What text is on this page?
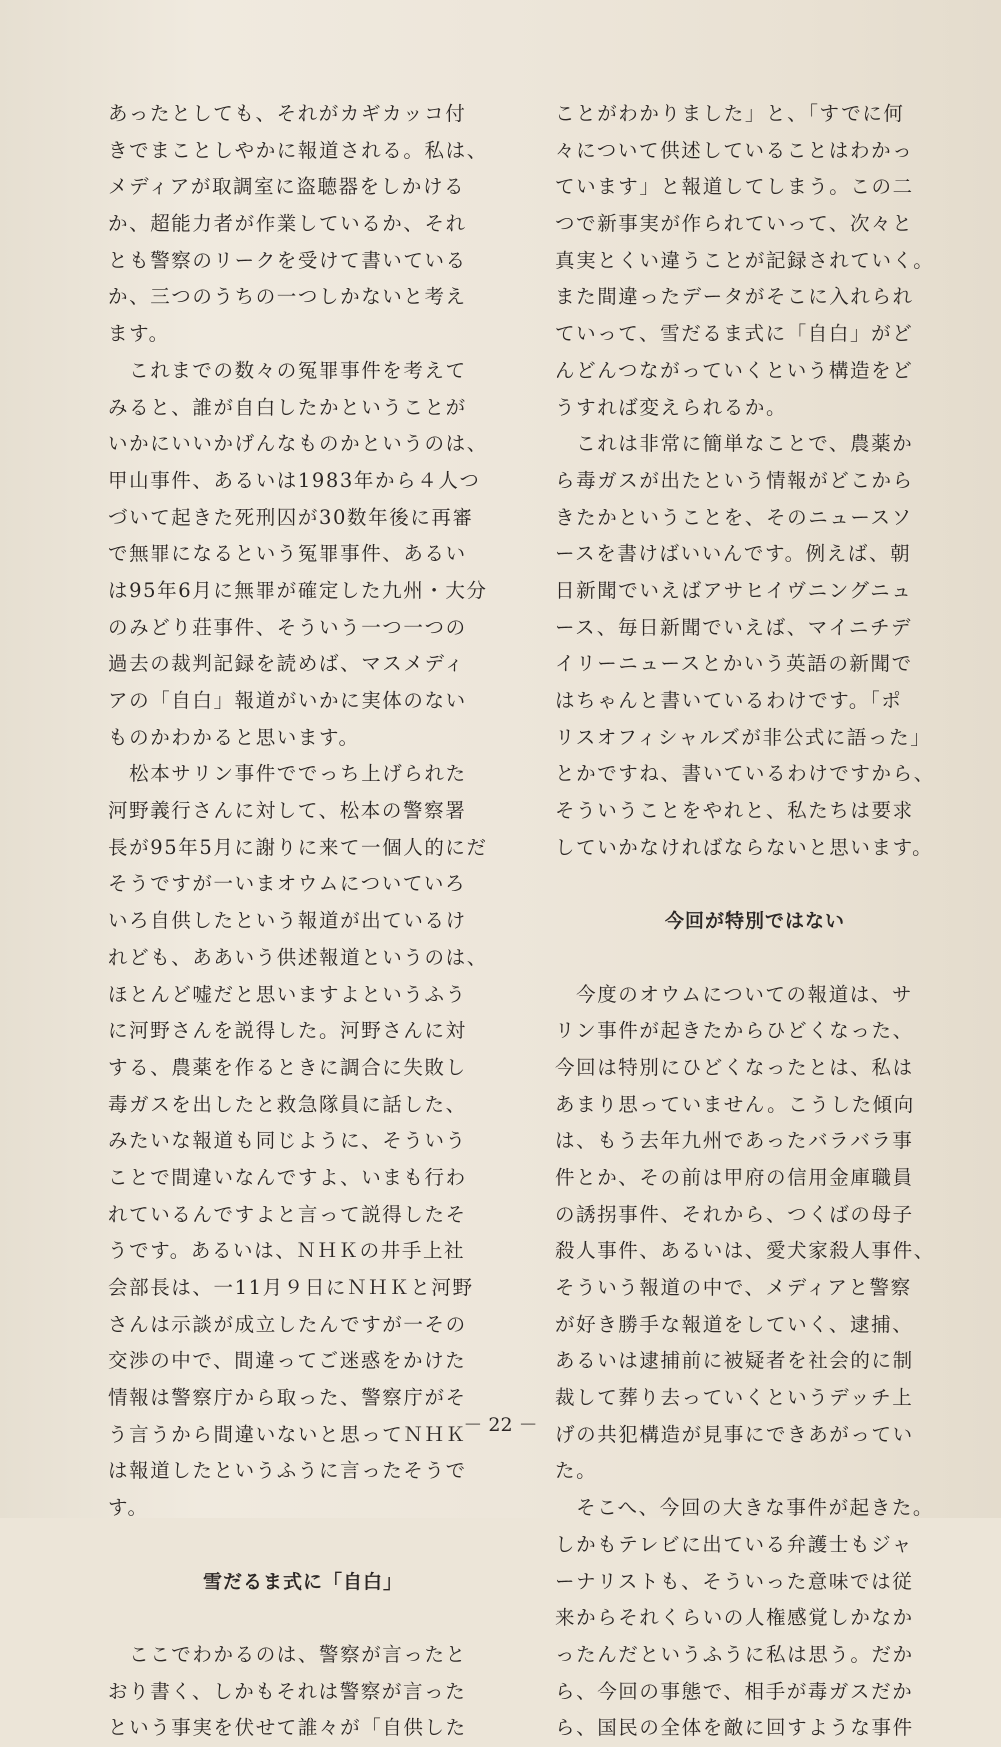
あったとしても、それがカギカッコ付
きでまことしやかに報道される。私は、
メディアが取調室に盗聴器をしかける
か、超能力者が作業しているか、それ
とも警察のリークを受けて書いている
か、三つのうちの一つしかないと考え
ます。
　これまでの数々の冤罪事件を考えて
みると、誰が自白したかということが
いかにいいかげんなものかというのは、
甲山事件、あるいは1983年から４人つ
づいて起きた死刑囚が30数年後に再審
で無罪になるという冤罪事件、あるい
は95年6月に無罪が確定した九州・大分
のみどり荘事件、そういう一つ一つの
過去の裁判記録を読めば、マスメディ
アの「自白」報道がいかに実体のない
ものかわかると思います。
　松本サリン事件ででっち上げられた
河野義行さんに対して、松本の警察署
長が95年5月に謝りに来て一個人的にだ
そうですが一いまオウムについていろ
いろ自供したという報道が出ているけ
れども、ああいう供述報道というのは、
ほとんど嘘だと思いますよというふう
に河野さんを説得した。河野さんに対
する、農薬を作るときに調合に失敗し
毒ガスを出したと救急隊員に話した、
みたいな報道も同じように、そういう
ことで間違いなんですよ、いまも行わ
れているんですよと言って説得したそ
うです。あるいは、ＮＨＫの井手上社
会部長は、一11月９日にＮＨＫと河野
さんは示談が成立したんですが一その
交渉の中で、間違ってご迷惑をかけた
情報は警察庁から取った、警察庁がそ
う言うから間違いないと思ってＮＨＫ
は報道したというふうに言ったそうで
す。
雪だるま式に「自白」
　ここでわかるのは、警察が言ったと
おり書く、しかもそれは警察が言った
という事実を伏せて誰々が「自供した
ことがわかりました」と、「すでに何
々について供述していることはわかっ
ています」と報道してしまう。この二
つで新事実が作られていって、次々と
真実とくい違うことが記録されていく。
また間違ったデータがそこに入れられ
ていって、雪だるま式に「自白」がど
んどんつながっていくという構造をど
うすれば変えられるか。
　これは非常に簡単なことで、農薬か
ら毒ガスが出たという情報がどこから
きたかということを、そのニュースソ
ースを書けばいいんです。例えば、朝
日新聞でいえばアサヒイヴニングニュ
ース、毎日新聞でいえば、マイニチデ
イリーニュースとかいう英語の新聞で
はちゃんと書いているわけです。「ポ
リスオフィシャルズが非公式に語った」
とかですね、書いているわけですから、
そういうことをやれと、私たちは要求
していかなければならないと思います。
今回が特別ではない
　今度のオウムについての報道は、サ
リン事件が起きたからひどくなった、
今回は特別にひどくなったとは、私は
あまり思っていません。こうした傾向
は、もう去年九州であったバラバラ事
件とか、その前は甲府の信用金庫職員
の誘拐事件、それから、つくばの母子
殺人事件、あるいは、愛犬家殺人事件、
そういう報道の中で、メディアと警察
が好き勝手な報道をしていく、逮捕、
あるいは逮捕前に被疑者を社会的に制
裁して葬り去っていくというデッチ上
げの共犯構造が見事にできあがってい
た。
　そこへ、今回の大きな事件が起きた。
しかもテレビに出ている弁護士もジャ
ーナリストも、そういった意味では従
来からそれくらいの人権感覚しかなか
ったんだというふうに私は思う。だか
ら、今回の事態で、相手が毒ガスだか
ら、国民の全体を敵に回すような事件
－ 22 －
